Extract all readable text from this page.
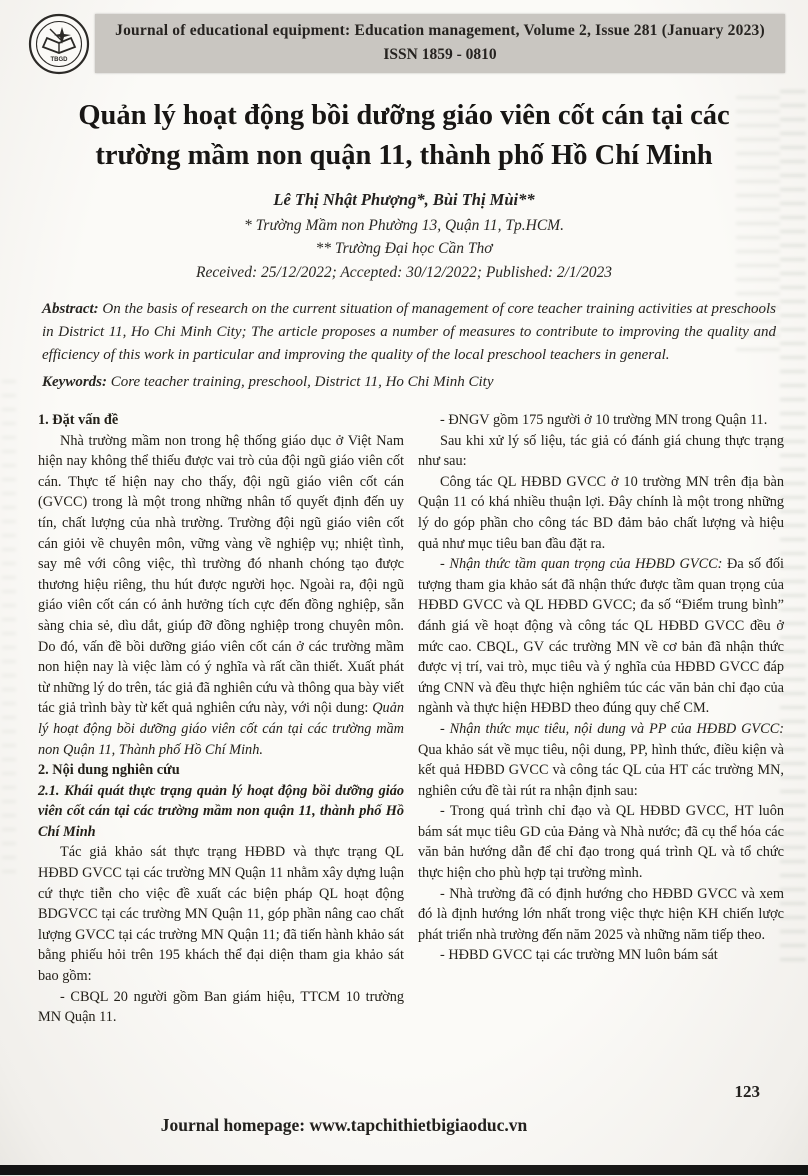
Journal of educational equipment: Education management, Volume 2, Issue 281 (January 2023)
ISSN 1859 - 0810
TBGD
Quản lý hoạt động bồi dưỡng giáo viên cốt cán tại các
trường mầm non quận 11, thành phố Hồ Chí Minh
Lê Thị Nhật Phượng*, Bùi Thị Mùi**
* Trường Mầm non Phường 13, Quận 11, Tp.HCM.
** Trường Đại học Cần Thơ
Received: 25/12/2022; Accepted: 30/12/2022; Published: 2/1/2023
Abstract: On the basis of research on the current situation of management of core teacher training activities at preschools in District 11, Ho Chi Minh City; The article proposes a number of measures to contribute to improving the quality and efficiency of this work in particular and improving the quality of the local preschool teachers in general.
Keywords: Core teacher training, preschool, District 11, Ho Chi Minh City

1. Đặt vấn đề

Nhà trường mầm non trong hệ thống giáo dục ở Việt Nam hiện nay không thể thiếu được vai trò của đội ngũ giáo viên cốt cán. Thực tế hiện nay cho thấy, đội ngũ giáo viên cốt cán (GVCC) trong là một trong những nhân tố quyết định đến uy tín, chất lượng của nhà trường. Trường đội ngũ giáo viên cốt cán giỏi về chuyên môn, vững vàng về nghiệp vụ; nhiệt tình, say mê với công việc, thì trường đó nhanh chóng tạo được thương hiệu riêng, thu hút được người học. Ngoài ra, đội ngũ giáo viên cốt cán có ảnh hưởng tích cực đến đồng nghiệp, sẵn sàng chia sẻ, dìu dắt, giúp đỡ đồng nghiệp trong chuyên môn. Do đó, vấn đề bồi dưỡng giáo viên cốt cán ở các trường mầm non hiện nay là việc làm có ý nghĩa và rất cần thiết. Xuất phát từ những lý do trên, tác giả đã nghiên cứu và thông qua bày viết tác giả trình bày từ kết quả nghiên cứu này, với nội dung: Quản lý hoạt động bồi dưỡng giáo viên cốt cán tại các trường mầm non Quận 11, Thành phố Hồ Chí Minh.

2. Nội dung nghiên cứu

2.1. Khái quát thực trạng quản lý hoạt động bồi dưỡng giáo viên cốt cán tại các trường mầm non quận 11, thành phố Hồ Chí Minh

Tác giả khảo sát thực trạng HĐBD và thực trạng QL HĐBD GVCC tại các trường MN Quận 11 nhằm xây dựng luận cứ thực tiễn cho việc đề xuất các biện pháp QL hoạt động BDGVCC tại các trường MN Quận 11, góp phần nâng cao chất lượng GVCC tại các trường MN Quận 11; đã tiến hành khảo sát bằng phiếu hỏi trên 195 khách thể đại diện tham gia khảo sát bao gồm:

- CBQL 20 người gồm Ban giám hiệu, TTCM 10 trường MN Quận 11.

- ĐNGV gồm 175 người ở 10 trường MN trong Quận 11.

Sau khi xử lý số liệu, tác giả có đánh giá chung thực trạng như sau:

Công tác QL HĐBD GVCC ở 10 trường MN trên địa bàn Quận 11 có khá nhiều thuận lợi. Đây chính là một trong những lý do góp phần cho công tác BD đảm bảo chất lượng và hiệu quả như mục tiêu ban đầu đặt ra.

- Nhận thức tầm quan trọng của HĐBD GVCC: Đa số đối tượng tham gia khảo sát đã nhận thức được tầm quan trọng của HĐBD GVCC và QL HĐBD GVCC; đa số “Điểm trung bình” đánh giá về hoạt động và công tác QL HĐBD GVCC đều ở mức cao. CBQL, GV các trường MN về cơ bản đã nhận thức được vị trí, vai trò, mục tiêu và ý nghĩa của HĐBD GVCC đáp ứng CNN và đều thực hiện nghiêm túc các văn bản chỉ đạo của ngành và thực hiện HĐBD theo đúng quy chế CM.

- Nhận thức mục tiêu, nội dung và PP của HĐBD GVCC: Qua khảo sát về mục tiêu, nội dung, PP, hình thức, điều kiện và kết quả HĐBD GVCC và công tác QL của HT các trường MN, nghiên cứu đề tài rút ra nhận định sau:

- Trong quá trình chỉ đạo và QL HĐBD GVCC, HT luôn bám sát mục tiêu GD của Đảng và Nhà nước; đã cụ thể hóa các văn bản hướng dẫn để chỉ đạo trong quá trình QL và tổ chức thực hiện cho phù hợp tại trường mình.

- Nhà trường đã có định hướng cho HĐBD GVCC và xem đó là định hướng lớn nhất trong việc thực hiện KH chiến lược phát triển nhà trường đến năm 2025 và những năm tiếp theo.

- HĐBD GVCC tại các trường MN luôn bám sát

123
Journal homepage: www.tapchithietbigiaoduc.vn
